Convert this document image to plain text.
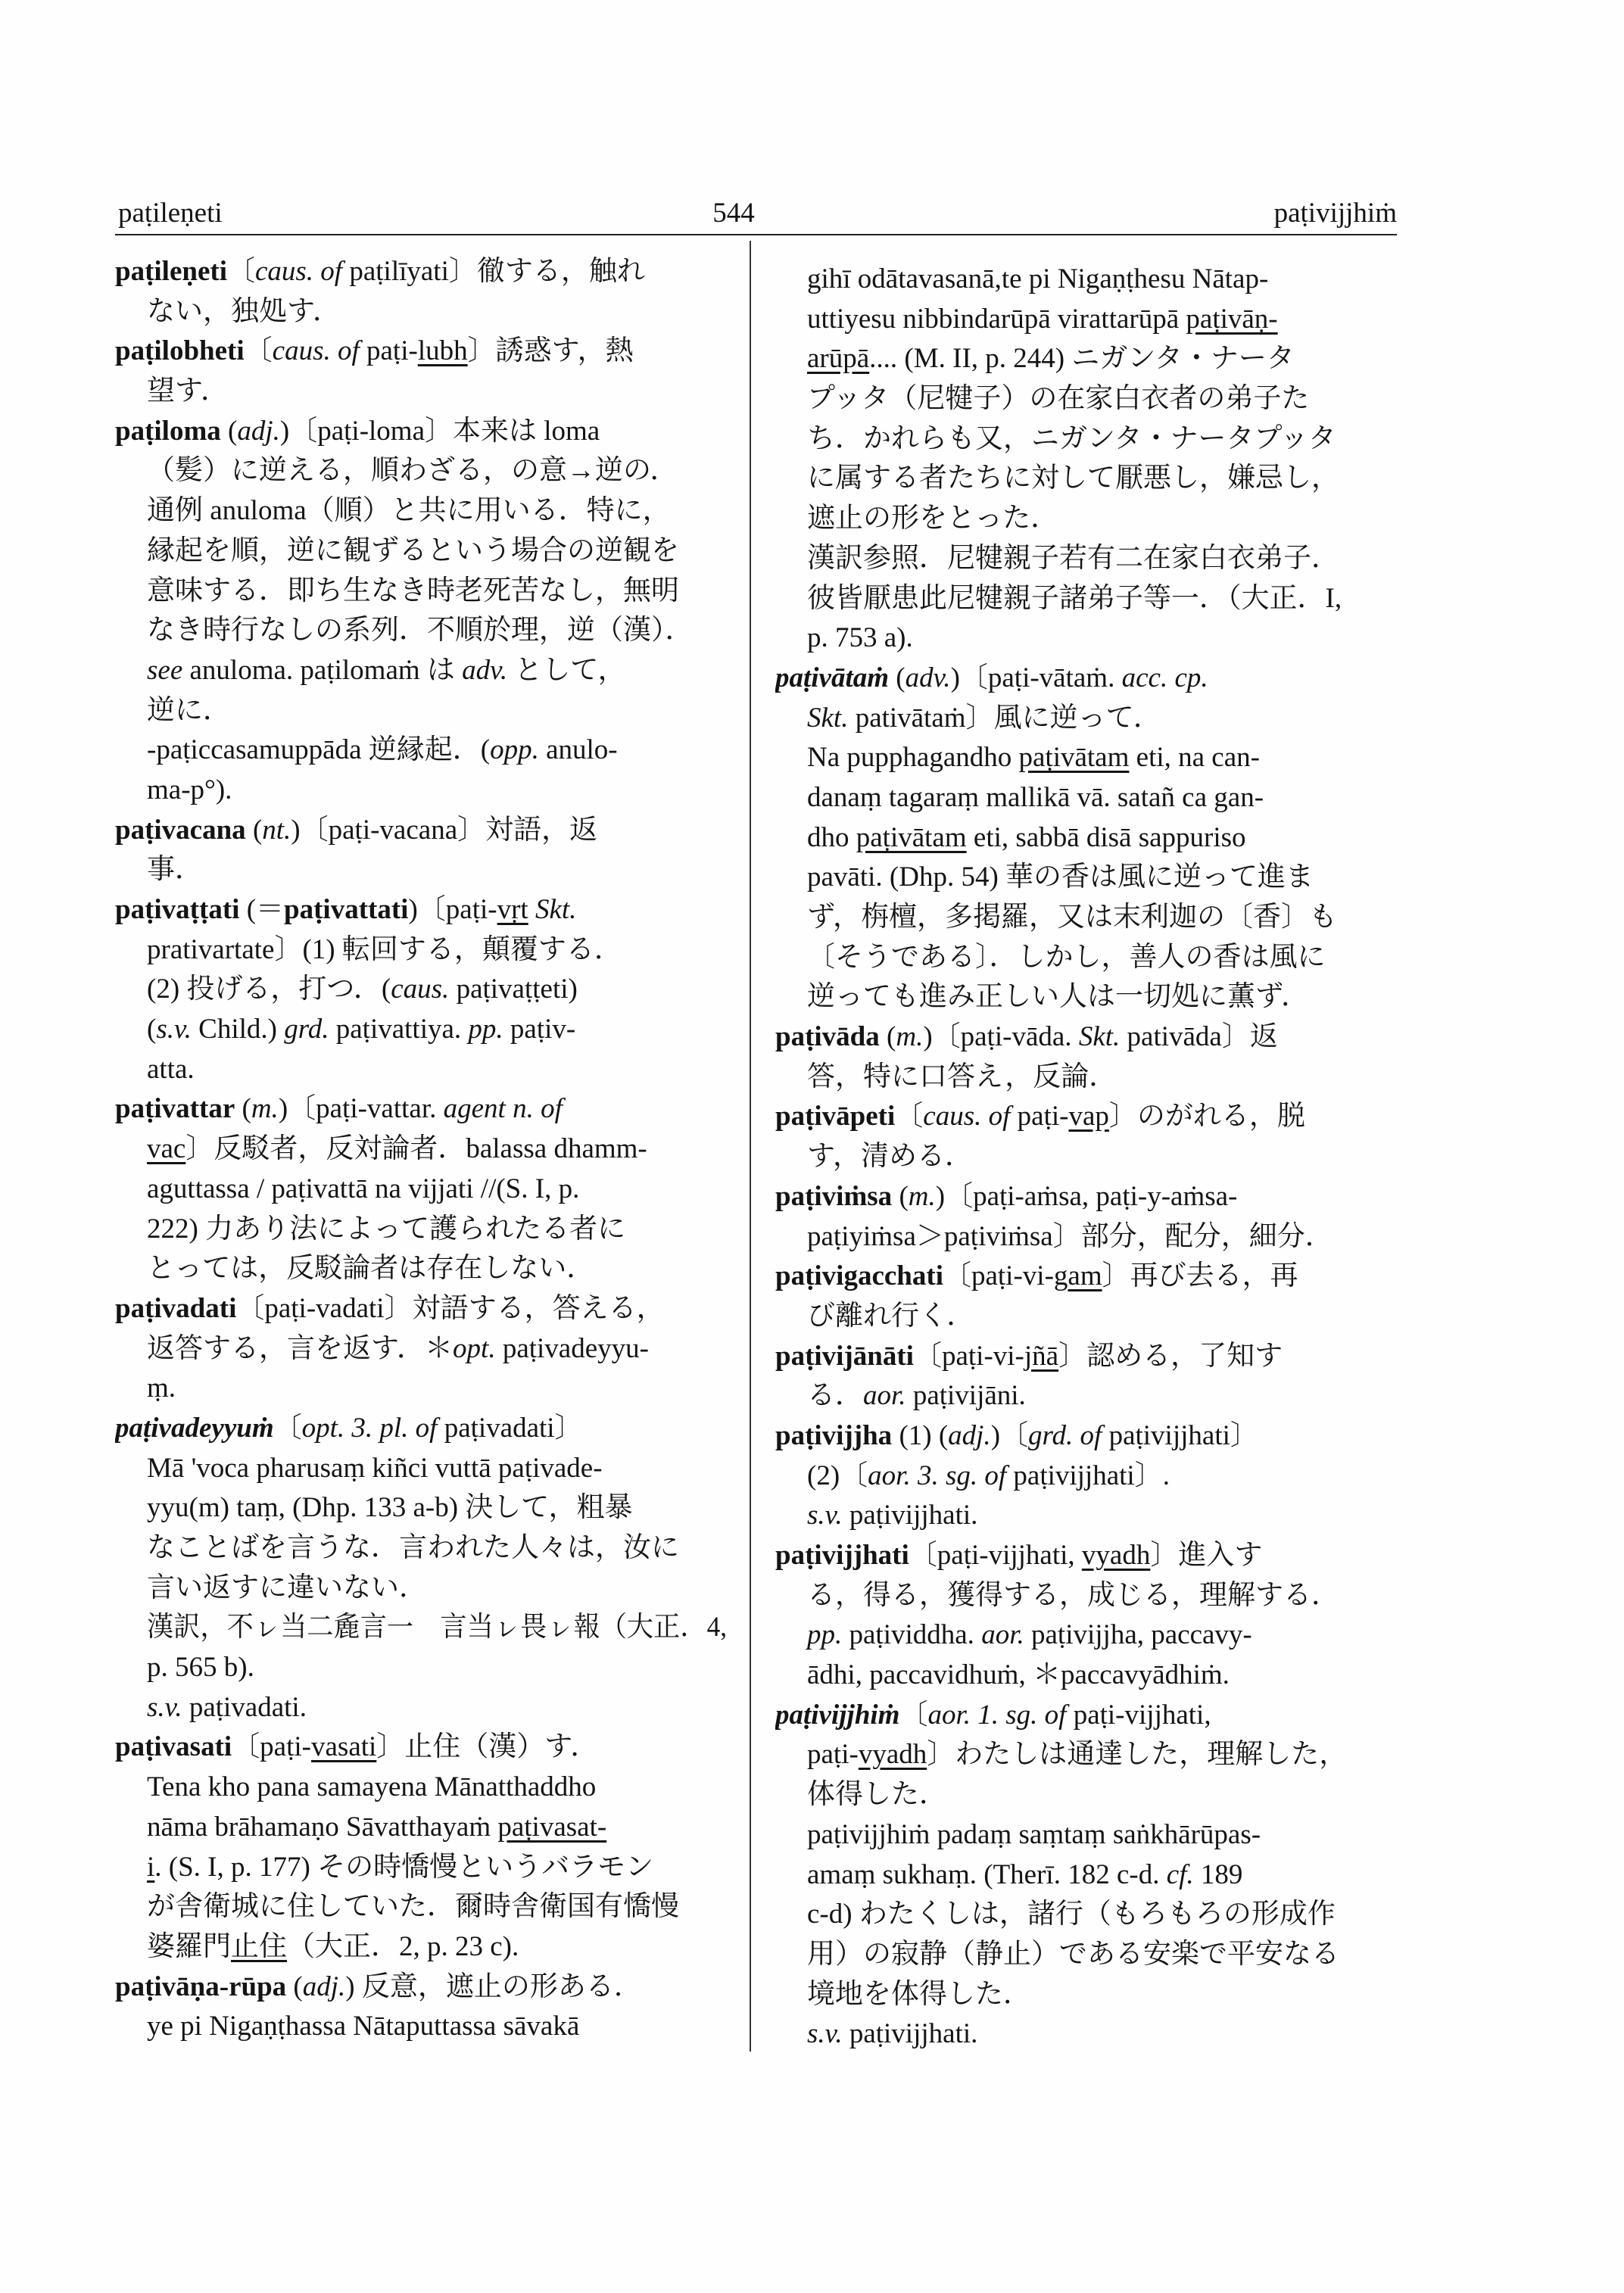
paṭileṇeti	544	paṭivijjhiṁ
paṭileṇeti〔caus. of paṭilīyati〕徹する，触れ
ない，独処す．
paṭilobheti〔caus. of paṭi-lubh〕誘惑す，熱
望す．
paṭiloma (adj.)〔paṭi-loma〕本来は loma
（髪）に逆える，順わざる，の意→逆の．
通例 anuloma（順）と共に用いる．特に，
縁起を順，逆に観ずるという場合の逆観を
意味する．即ち生なき時老死苦なし，無明
なき時行なしの系列．不順於理，逆（漢）．
see anuloma. paṭilomaṁ は adv. として，
逆に．
-paṭiccasamuppāda 逆縁起．(opp. anulo-
ma-p°).
paṭivacana (nt.)〔paṭi-vacana〕対語，返
事．
paṭivaṭṭati (＝paṭivattati)〔paṭi-vṛt Skt.
prativartate〕(1) 転回する，顛覆する．
(2) 投げる，打つ．(caus. paṭivaṭṭeti)
(s.v. Child.) grd. paṭivattiya. pp. paṭiv-
atta.
paṭivattar (m.)〔paṭi-vattar. agent n. of
vac〕反駁者，反対論者．balassa dhamm-
aguttassa / paṭivattā na vijjati //(S. I, p.
222) 力あり法によって護られたる者に
とっては，反駁論者は存在しない．
paṭivadati〔paṭi-vadati〕対語する，答える，
返答する，言を返す．＊opt. paṭivadeyyu-
ṃ.
paṭivadeyyuṁ〔opt. 3. pl. of paṭivadati〕
Mā 'voca pharusaṃ kiñci vuttā paṭivade-
yyu(m) taṃ, (Dhp. 133 a-b) 決して，粗暴
なことばを言うな．言われた人々は，汝に
言い返すに違いない．
漢訳，不ㇾ当㆓麁言㆒　言当ㇾ畏ㇾ報（大正．4,
p. 565 b).
s.v. paṭivadati.
paṭivasati〔paṭi-vasati〕止住（漢）す．
Tena kho pana samayena Mānatthaddho
nāma brāhamaṇo Sāvatthayaṁ paṭivasat-
i. (S. I, p. 177) その時憍慢というバラモン
が舎衛城に住していた．爾時舎衛国有憍慢
婆羅門止住（大正．2, p. 23 c).
paṭivāṇa-rūpa (adj.) 反意，遮止の形ある．
ye pi Nigaṇṭhassa Nātaputtassa sāvakā
gihī odātavasanā,te pi Nigaṇṭhesu Nātap-
uttiyesu nibbindarūpā virattarūpā paṭivāṇ-
arūpā.... (M. II, p. 244) ニガンタ・ナータ
プッタ（尼犍子）の在家白衣者の弟子た
ち．かれらも又，ニガンタ・ナータプッタ
に属する者たちに対して厭悪し，嫌忌し，
遮止の形をとった．
漢訳参照．尼犍親子若有㆓在家白衣弟子．
彼皆厭患此尼犍親子諸弟子等㆒．（大正．I,
p. 753 a).
paṭivātaṁ (adv.)〔paṭi-vātaṁ. acc. cp.
Skt. pativātaṁ〕風に逆って．
Na pupphagandho paṭivātam eti, na can-
danaṃ tagaraṃ mallikā vā. satañ ca gan-
dho paṭivātam eti, sabbā disā sappuriso
pavāti. (Dhp. 54) 華の香は風に逆って進ま
ず，栴檀，多掲羅，又は末利迦の〔香〕も
〔そうである〕．しかし，善人の香は風に
逆っても進み正しい人は一切処に薫ず．
paṭivāda (m.)〔paṭi-vāda. Skt. pativāda〕返
答，特に口答え，反論．
paṭivāpeti〔caus. of paṭi-vap〕のがれる，脱
す，清める．
paṭiviṁsa (m.)〔paṭi-aṁsa, paṭi-y-aṁsa-
paṭiyiṁsa＞paṭiviṁsa〕部分，配分，細分．
paṭivigacchati〔paṭi-vi-gam〕再び去る，再
び離れ行く．
paṭivijānāti〔paṭi-vi-jñā〕認める，了知す
る．aor. paṭivijāni.
paṭivijjha (1) (adj.)〔grd. of paṭivijjhati〕
(2)〔aor. 3. sg. of paṭivijjhati〕.
s.v. paṭivijjhati.
paṭivijjhati〔paṭi-vijjhati, vyadh〕進入す
る，得る，獲得する，成じる，理解する．
pp. paṭividdha. aor. paṭivijjha, paccavy-
ādhi, paccavidhuṁ, ＊paccavyādhiṁ.
paṭivijjhiṁ〔aor. 1. sg. of paṭi-vijjhati,
paṭi-vyadh〕わたしは通達した，理解した，
体得した．
paṭivijjhiṁ padaṃ saṃtaṃ saṅkhārūpas-
amaṃ sukhaṃ. (Therī. 182 c-d. cf. 189
c-d) わたくしは，諸行（もろもろの形成作
用）の寂静（静止）である安楽で平安なる
境地を体得した．
s.v. paṭivijjhati.
